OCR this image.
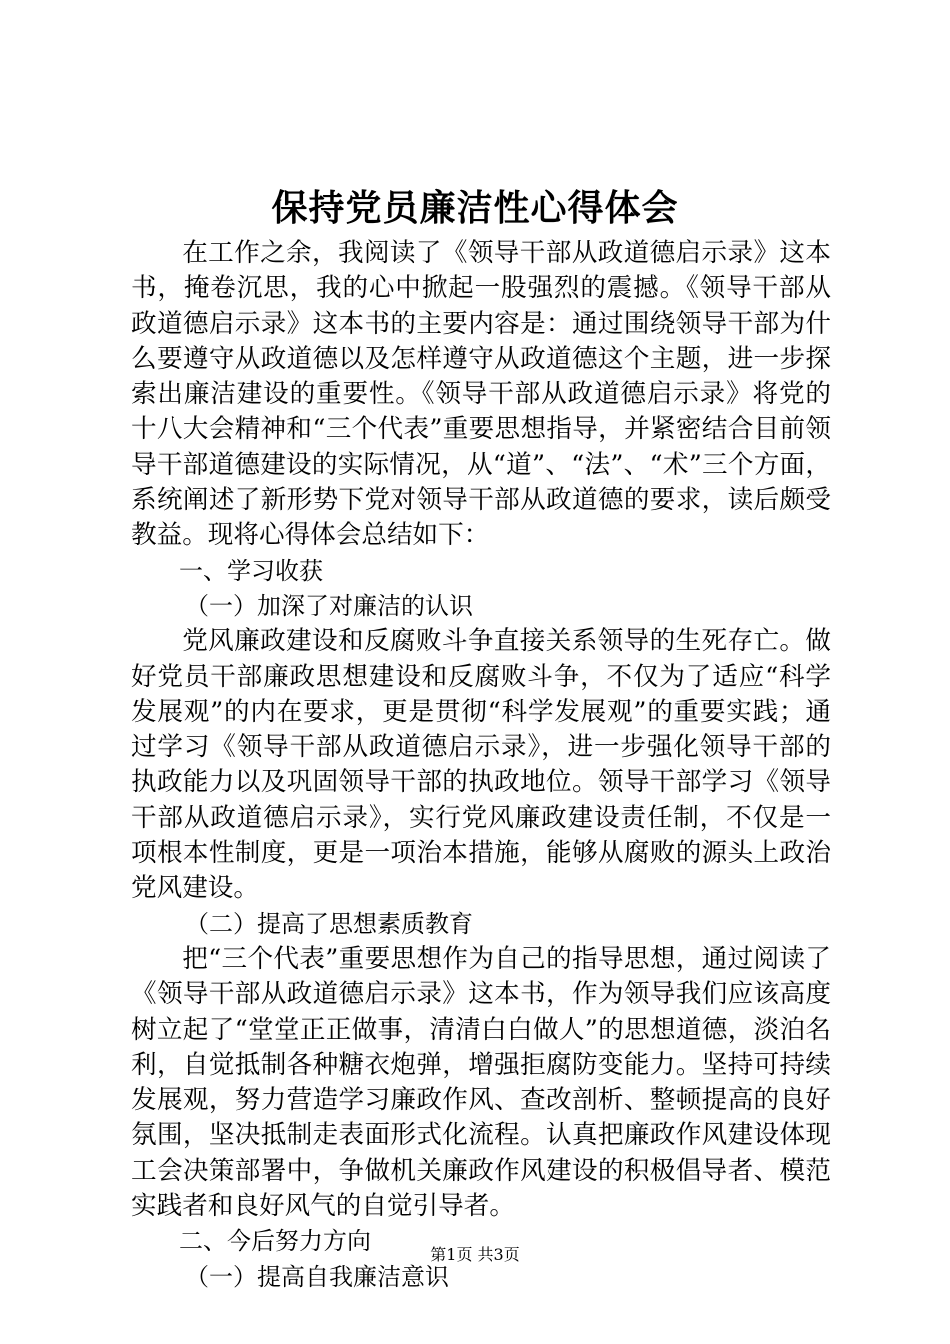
保持党员廉洁性心得体会

在工作之余，我阅读了《领导干部从政道德启示录》这本书，掩卷沉思，我的心中掀起一股强烈的震撼。《领导干部从政道德启示录》这本书的主要内容是：通过围绕领导干部为什么要遵守从政道德以及怎样遵守从政道德这个主题，进一步探索出廉洁建设的重要性。《领导干部从政道德启示录》将党的十八大会精神和“三个代表”重要思想指导，并紧密结合目前领导干部道德建设的实际情况，从“道”、“法”、“术”三个方面，系统阐述了新形势下党对领导干部从政道德的要求，读后颇受教益。现将心得体会总结如下：

一、学习收获

（一）加深了对廉洁的认识

党风廉政建设和反腐败斗争直接关系领导的生死存亡。做好党员干部廉政思想建设和反腐败斗争，不仅为了适应“科学发展观”的内在要求，更是贯彻“科学发展观”的重要实践；通过学习《领导干部从政道德启示录》，进一步强化领导干部的执政能力以及巩固领导干部的执政地位。领导干部学习《领导干部从政道德启示录》，实行党风廉政建设责任制，不仅是一项根本性制度，更是一项治本措施，能够从腐败的源头上政治党风建设。

（二）提高了思想素质教育

把“三个代表”重要思想作为自己的指导思想，通过阅读了《领导干部从政道德启示录》这本书，作为领导我们应该高度树立起了“堂堂正正做事，清清白白做人”的思想道德，淡泊名利，自觉抵制各种糖衣炮弹，增强拒腐防变能力。坚持可持续发展观，努力营造学习廉政作风、查改剖析、整顿提高的良好氛围，坚决抵制走表面形式化流程。认真把廉政作风建设体现工会决策部署中，争做机关廉政作风建设的积极倡导者、模范实践者和良好风气的自觉引导者。

二、今后努力方向

（一）提高自我廉洁意识

第1页 共3页
